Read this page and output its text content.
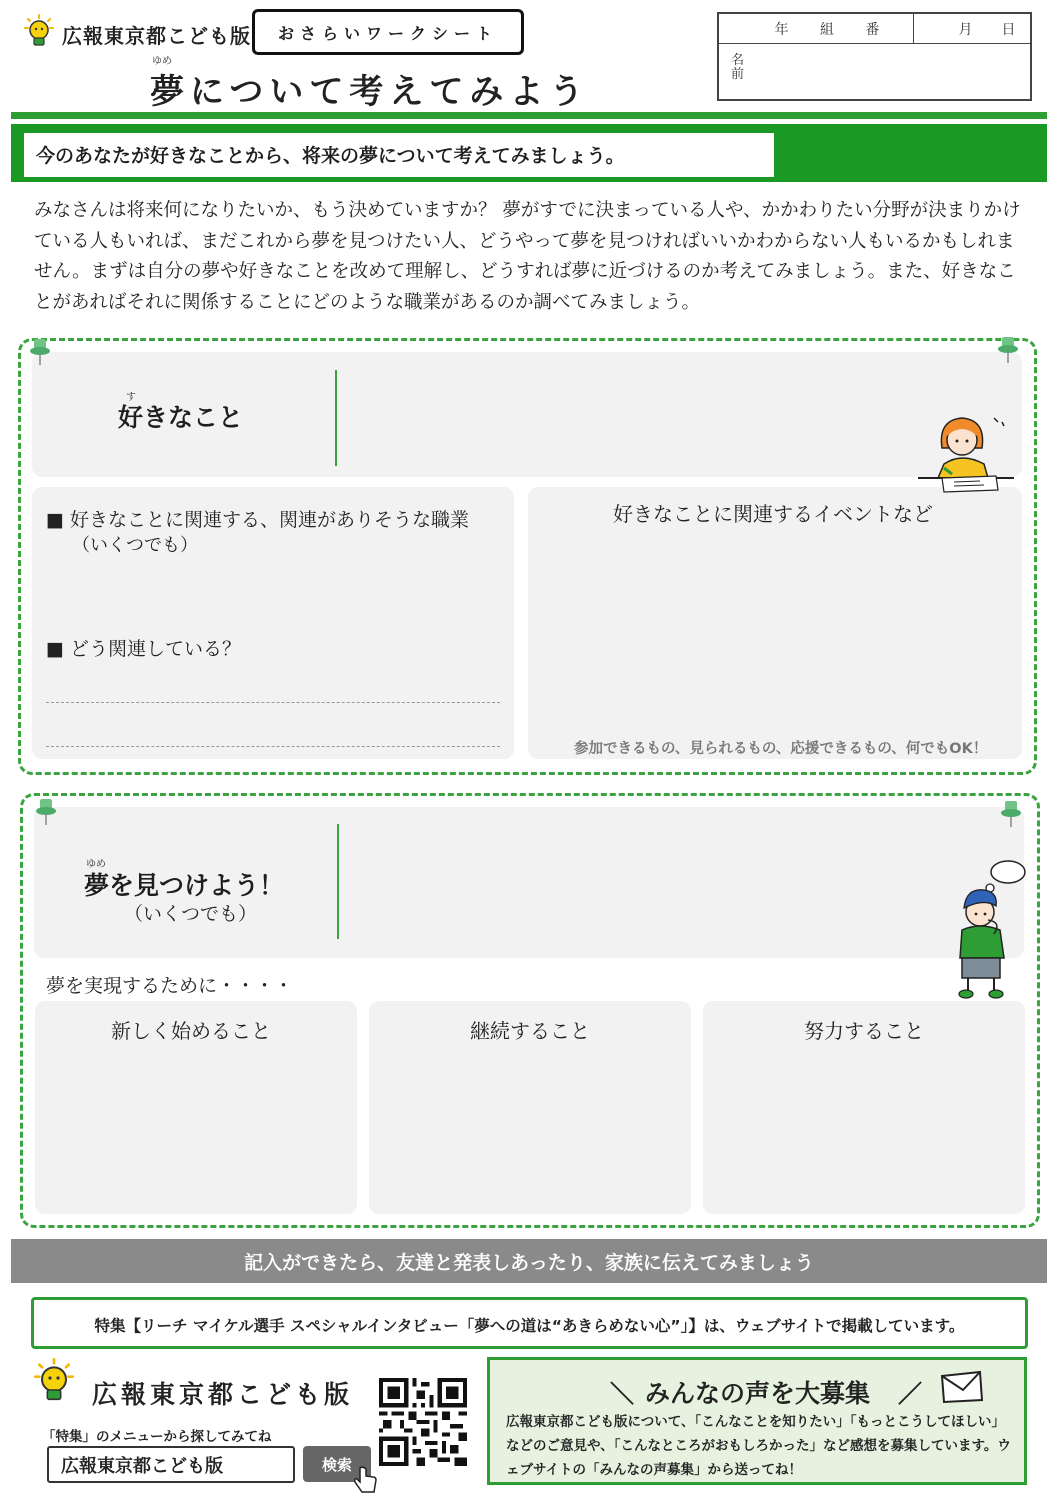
広報東京都こども版	おさらいワークシート
ゆめ
夢について考えてみよう
年 組 番	月 日
名前
今のあなたが好きなことから、将来の夢について考えてみましょう。
みなさんは将来何になりたいか、もう決めていますか？ 夢がすでに決まっている人や、かかわりたい分野が決まりかけている人もいれば、まだこれから夢を見つけたい人、どうやって夢を見つければいいかわからない人もいるかもしれません。まずは自分の夢や好きなことを改めて理解し、どうすれば夢に近づけるのか考えてみましょう。また、好きなことがあればそれに関係することにどのような職業があるのか調べてみましょう。
す
好きなこと
■ 好きなことに関連する、関連がありそうな職業
（いくつでも）
■ どう関連している？
好きなことに関連するイベントなど
参加できるもの、見られるもの、応援できるもの、何でもOK！
ゆめ
夢を見つけよう！
（いくつでも）
夢を実現するために・・・・
新しく始めること	継続すること	努力すること
記入ができたら、友達と発表しあったり、家族に伝えてみましょう
特集【リーチ マイケル選手 スペシャルインタビュー「夢への道は“あきらめない心”」】は、ウェブサイトで掲載しています。
広報東京都こども版
「特集」のメニューから探してみてね
広報東京都こども版	検索
＼ みんなの声を大募集 ／
広報東京都こども版について、「こんなことを知りたい」「もっとこうしてほしい」などのご意見や、「こんなところがおもしろかった」など感想を募集しています。ウェブサイトの「みんなの声募集」から送ってね！
